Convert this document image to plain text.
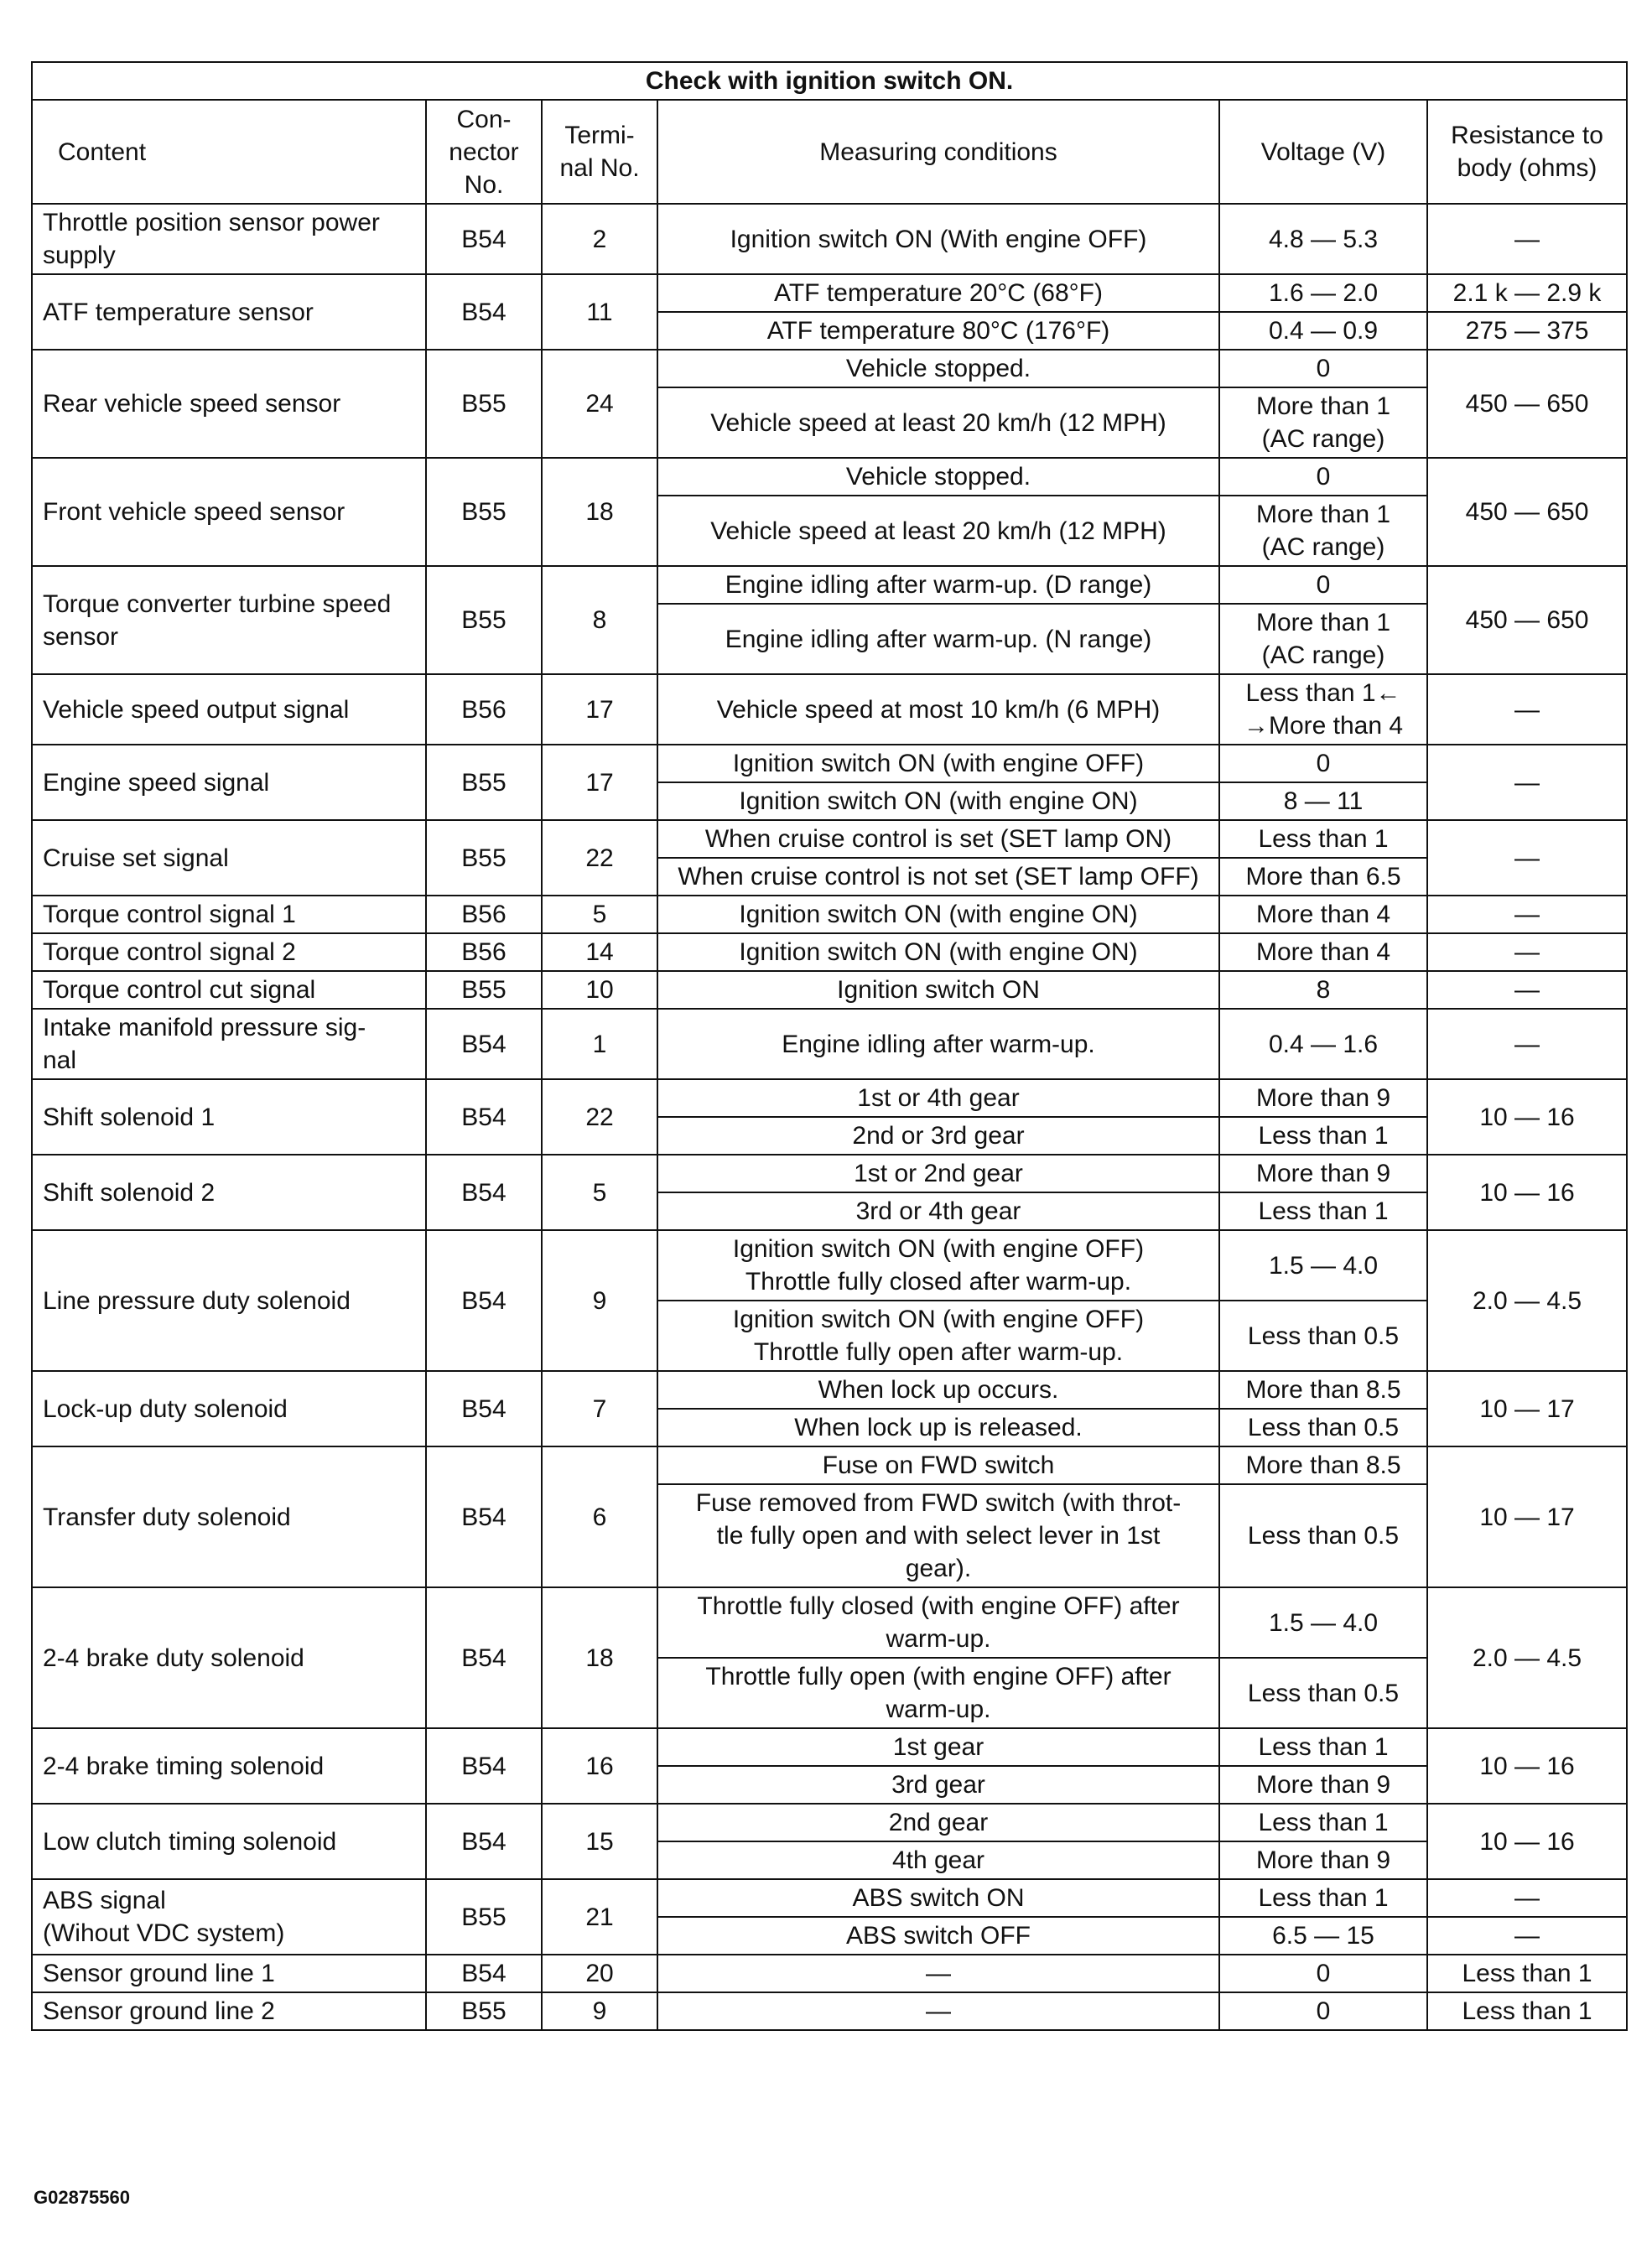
Check with ignition switch ON.					
Content	Con-
nector
No.	Termi-
nal No.	Measuring conditions	Voltage (V)	Resistance to
body (ohms)
Throttle position sensor power supply	B54	2	Ignition switch ON (With engine OFF)	4.8 — 5.3	—
ATF temperature sensor	B54	11	ATF temperature 20°C (68°F)	1.6 — 2.0	2.1 k — 2.9 k
			ATF temperature 80°C (176°F)	0.4 — 0.9	275 — 375
Rear vehicle speed sensor	B55	24	Vehicle stopped.	0	450 — 650
			Vehicle speed at least 20 km/h (12 MPH)	More than 1
(AC range)	
Front vehicle speed sensor	B55	18	Vehicle stopped.	0	450 — 650
			Vehicle speed at least 20 km/h (12 MPH)	More than 1
(AC range)	
Torque converter turbine speed sensor	B55	8	Engine idling after warm-up. (D range)	0	450 — 650
			Engine idling after warm-up. (N range)	More than 1
(AC range)	
Vehicle speed output signal	B56	17	Vehicle speed at most 10 km/h (6 MPH)	Less than 1←
→More than 4	—
Engine speed signal	B55	17	Ignition switch ON (with engine OFF)	0	—
			Ignition switch ON (with engine ON)	8 — 11	
Cruise set signal	B55	22	When cruise control is set (SET lamp ON)	Less than 1	—
			When cruise control is not set (SET lamp OFF)	More than 6.5	
Torque control signal 1	B56	5	Ignition switch ON (with engine ON)	More than 4	—
Torque control signal 2	B56	14	Ignition switch ON (with engine ON)	More than 4	—
Torque control cut signal	B55	10	Ignition switch ON	8	—
Intake manifold pressure sig-
nal	B54	1	Engine idling after warm-up.	0.4 — 1.6	—
Shift solenoid 1	B54	22	1st or 4th gear	More than 9	10 — 16
			2nd or 3rd gear	Less than 1	
Shift solenoid 2	B54	5	1st or 2nd gear	More than 9	10 — 16
			3rd or 4th gear	Less than 1	
Line pressure duty solenoid	B54	9	Ignition switch ON (with engine OFF)
Throttle fully closed after warm-up.	1.5 — 4.0	2.0 — 4.5
			Ignition switch ON (with engine OFF)
Throttle fully open after warm-up.	Less than 0.5	
Lock-up duty solenoid	B54	7	When lock up occurs.	More than 8.5	10 — 17
			When lock up is released.	Less than 0.5	
Transfer duty solenoid	B54	6	Fuse on FWD switch	More than 8.5	10 — 17
			Fuse removed from FWD switch (with throt-
tle fully open and with select lever in 1st
gear).	Less than 0.5	
2-4 brake duty solenoid	B54	18	Throttle fully closed (with engine OFF) after
warm-up.	1.5 — 4.0	2.0 — 4.5
			Throttle fully open (with engine OFF) after
warm-up.	Less than 0.5	
2-4 brake timing solenoid	B54	16	1st gear	Less than 1	10 — 16
			3rd gear	More than 9	
Low clutch timing solenoid	B54	15	2nd gear	Less than 1	10 — 16
			4th gear	More than 9	
ABS signal
(Wihout VDC system)	B55	21	ABS switch ON	Less than 1	—
			ABS switch OFF	6.5 — 15	—
Sensor ground line 1	B54	20	—	0	Less than 1
Sensor ground line 2	B55	9	—	0	Less than 1
G02875560
